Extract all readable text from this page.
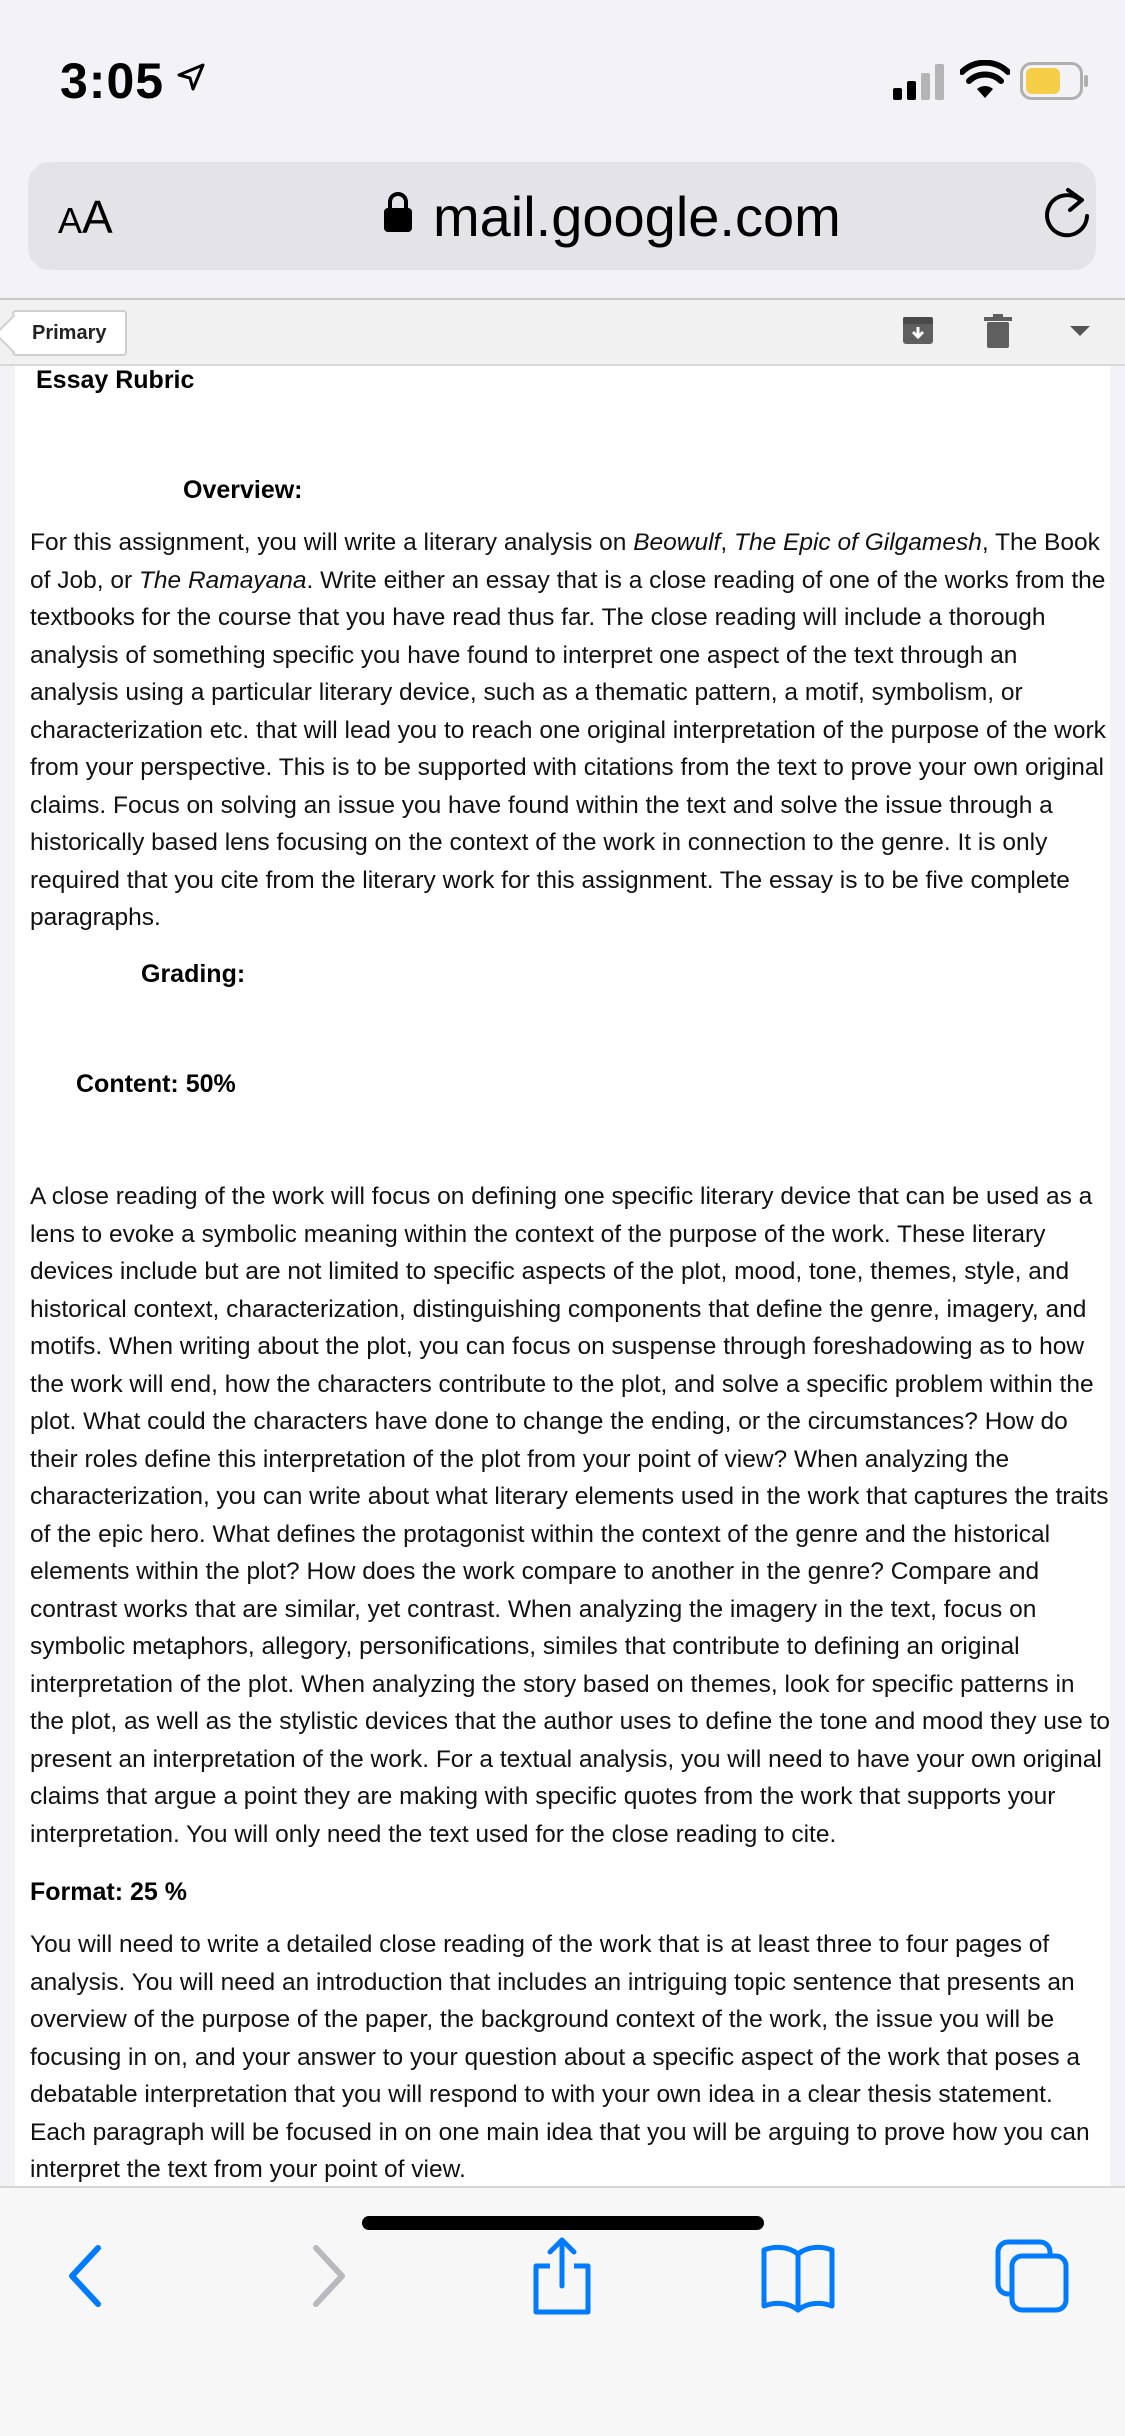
3:05
AA	mail.google.com
Primary
Essay Rubric
Overview:

For this assignment, you will write a literary analysis on Beowulf, The Epic of Gilgamesh, The Book of Job, or The Ramayana. Write either an essay that is a close reading of one of the works from the textbooks for the course that you have read thus far. The close reading will include a thorough analysis of something specific you have found to interpret one aspect of the text through an analysis using a particular literary device, such as a thematic pattern, a motif, symbolism, or characterization etc. that will lead you to reach one original interpretation of the purpose of the work from your perspective. This is to be supported with citations from the text to prove your own original claims. Focus on solving an issue you have found within the text and solve the issue through a historically based lens focusing on the context of the work in connection to the genre. It is only required that you cite from the literary work for this assignment. The essay is to be five complete paragraphs.

Grading:
Content: 50%

A close reading of the work will focus on defining one specific literary device that can be used as a lens to evoke a symbolic meaning within the context of the purpose of the work. These literary devices include but are not limited to specific aspects of the plot, mood, tone, themes, style, and historical context, characterization, distinguishing components that define the genre, imagery, and motifs. When writing about the plot, you can focus on suspense through foreshadowing as to how the work will end, how the characters contribute to the plot, and solve a specific problem within the plot. What could the characters have done to change the ending, or the circumstances? How do their roles define this interpretation of the plot from your point of view? When analyzing the characterization, you can write about what literary elements used in the work that captures the traits of the epic hero. What defines the protagonist within the context of the genre and the historical elements within the plot? How does the work compare to another in the genre? Compare and contrast works that are similar, yet contrast. When analyzing the imagery in the text, focus on symbolic metaphors, allegory, personifications, similes that contribute to defining an original interpretation of the plot. When analyzing the story based on themes, look for specific patterns in the plot, as well as the stylistic devices that the author uses to define the tone and mood they use to present an interpretation of the work. For a textual analysis, you will need to have your own original claims that argue a point they are making with specific quotes from the work that supports your interpretation. You will only need the text used for the close reading to cite.

Format: 25 %

You will need to write a detailed close reading of the work that is at least three to four pages of analysis. You will need an introduction that includes an intriguing topic sentence that presents an overview of the purpose of the paper, the background context of the work, the issue you will be focusing in on, and your answer to your question about a specific aspect of the work that poses a debatable interpretation that you will respond to with your own idea in a clear thesis statement. Each paragraph will be focused in on one main idea that you will be arguing to prove how you can interpret the text from your point of view.
